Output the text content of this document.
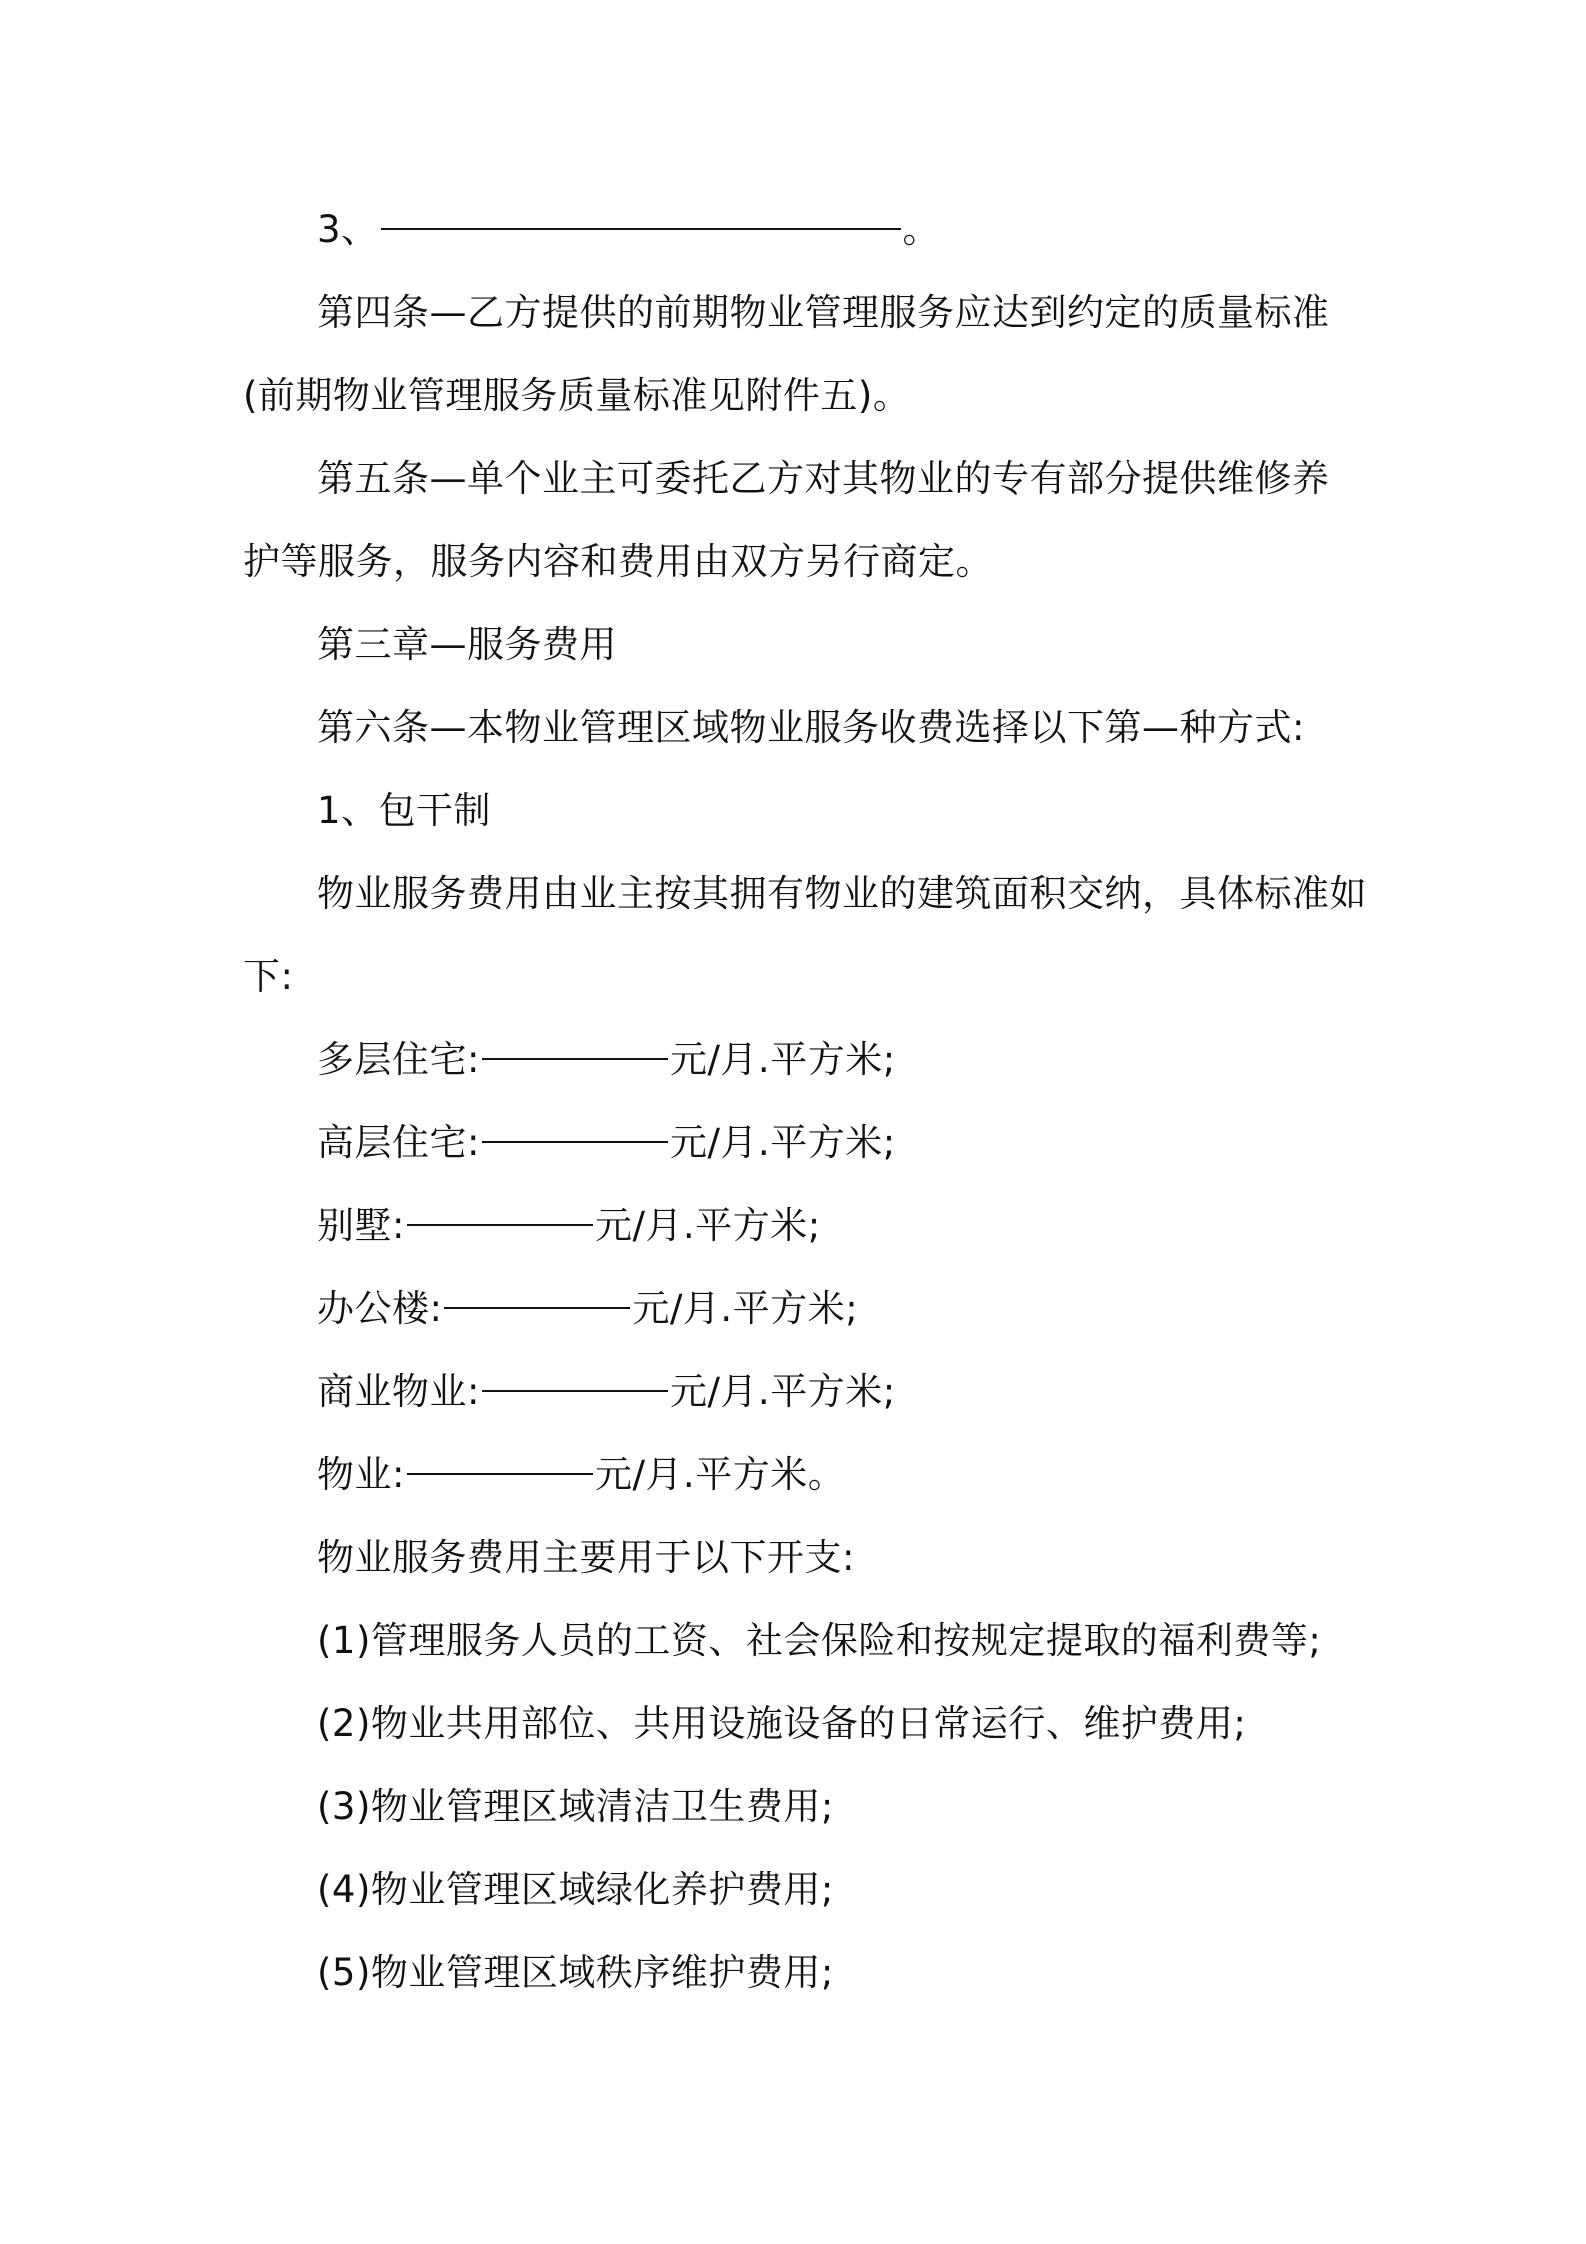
3、	。
第四条—乙方提供的前期物业管理服务应达到约定的质量标准
(前期物业管理服务质量标准见附件五)。
第五条—单个业主可委托乙方对其物业的专有部分提供维修养
护等服务，服务内容和费用由双方另行商定。
第三章—服务费用
第六条—本物业管理区域物业服务收费选择以下第—种方式:
1、包干制
物业服务费用由业主按其拥有物业的建筑面积交纳，具体标准如
下:
多层住宅:	元/月.平方米;
高层住宅:	元/月.平方米;
别墅:	元/月.平方米;
办公楼:	元/月.平方米;
商业物业:	元/月.平方米;
物业:	元/月.平方米。
物业服务费用主要用于以下开支:
(1)管理服务人员的工资、社会保险和按规定提取的福利费等;
(2)物业共用部位、共用设施设备的日常运行、维护费用;
(3)物业管理区域清洁卫生费用;
(4)物业管理区域绿化养护费用;
(5)物业管理区域秩序维护费用;
